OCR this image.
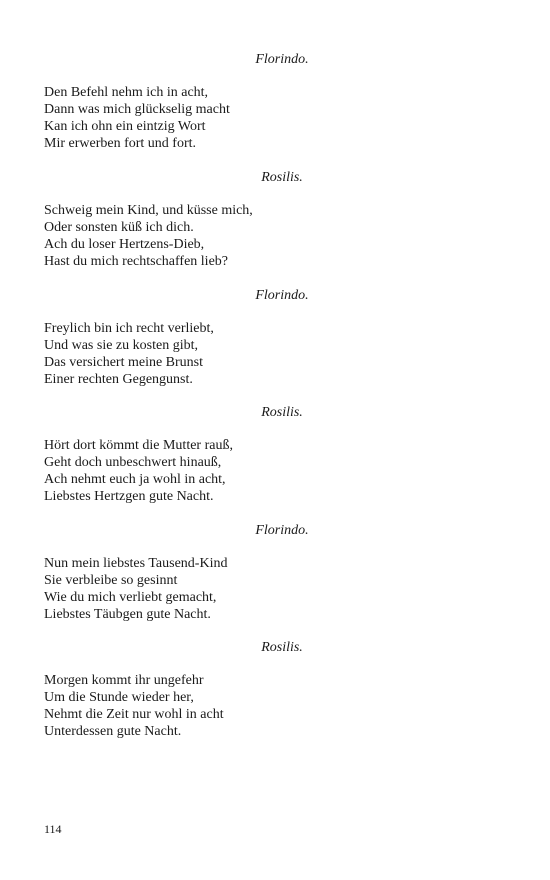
Florindo.
Den Befehl nehm ich in acht,
Dann was mich glückselig macht
Kan ich ohn ein eintzig Wort
Mir erwerben fort und fort.
Rosilis.
Schweig mein Kind, und küsse mich,
Oder sonsten küß ich dich.
Ach du loser Hertzens-Dieb,
Hast du mich rechtschaffen lieb?
Florindo.
Freylich bin ich recht verliebt,
Und was sie zu kosten gibt,
Das versichert meine Brunst
Einer rechten Gegengunst.
Rosilis.
Hört dort kömmt die Mutter rauß,
Geht doch unbeschwert hinauß,
Ach nehmt euch ja wohl in acht,
Liebstes Hertzgen gute Nacht.
Florindo.
Nun mein liebstes Tausend-Kind
Sie verbleibe so gesinnt
Wie du mich verliebt gemacht,
Liebstes Täubgen gute Nacht.
Rosilis.
Morgen kommt ihr ungefehr
Um die Stunde wieder her,
Nehmt die Zeit nur wohl in acht
Unterdessen gute Nacht.
114
